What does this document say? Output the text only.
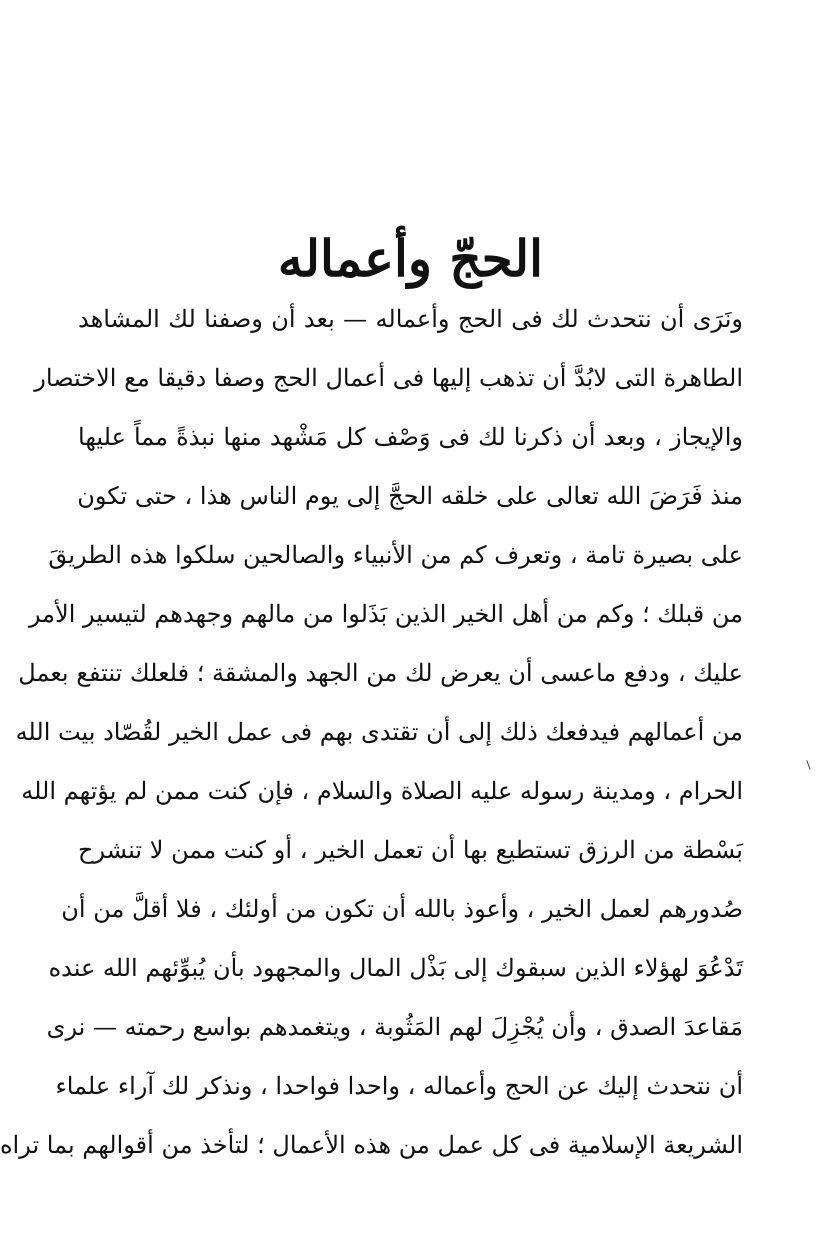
الحجّ وأعماله
ونَرَى أن نتحدث لك فى الحج وأعماله — بعد أن وصفنا لك المشاهد
الطاهرة التى لابُدَّ أن تذهب إليها فى أعمال الحج وصفا دقيقا مع الاختصار
والإيجاز ، وبعد أن ذكرنا لك فى وَصْف كل مَشْهد منها نبذةً مماً عليها
منذ فَرَضَ الله تعالى على خلقه الحجَّ إلى يوم الناس هذا ، حتى تكون
على بصيرة تامة ، وتعرف كم من الأنبياء والصالحين سلكوا هذه الطريقَ
من قبلك ؛ وكم من أهل الخير الذين بَذَلوا من مالهم وجهدهم لتيسير الأمر
عليك ، ودفع ماعسى أن يعرض لك من الجهد والمشقة ؛ فلعلك تنتفع بعمل
من أعمالهم فيدفعك ذلك إلى أن تقتدى بهم فى عمل الخير لقُصّاد بيت الله
الحرام ، ومدينة رسوله عليه الصلاة والسلام ، فإن كنت ممن لم يؤتهم الله
بَسْطة من الرزق تستطيع بها أن تعمل الخير ، أو كنت ممن لا تنشرح
صُدورهم لعمل الخير ، وأعوذ بالله أن تكون من أولئك ، فلا أقلَّ من أن
تَدْعُوَ لهؤلاء الذين سبقوك إلى بَذْل المال والمجهود بأن يُبوِّئهم الله عنده
مَقاعدَ الصدق ، وأن يُجْزِلَ لهم المَثُوبة ، ويتغمدهم بواسع رحمته — نرى
أن نتحدث إليك عن الحج وأعماله ، واحدا فواحدا ، ونذكر لك آراء علماء
الشريعة الإسلامية فى كل عمل من هذه الأعمال ؛ لتأخذ من أقوالهم بما تراه
